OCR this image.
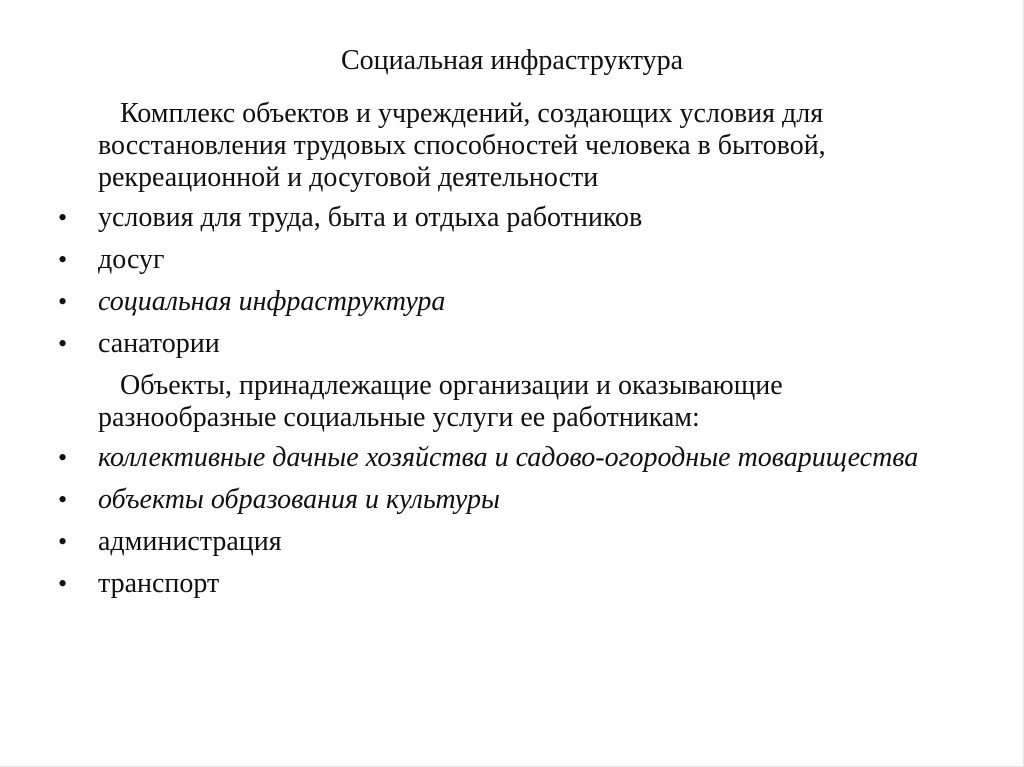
Социальная инфраструктура

Комплекс объектов и учреждений, создающих условия для восстановления трудовых способностей человека в бытовой, рекреационной и досуговой деятельности

•	условия для труда, быта и отдыха работников
•	досуг
•	социальная инфраструктура
•	санатории

Объекты, принадлежащие организации и оказывающие разнообразные социальные услуги ее работникам:

•	коллективные дачные хозяйства и садово-огородные товарищества
•	объекты образования и культуры
•	администрация
•	транспорт
